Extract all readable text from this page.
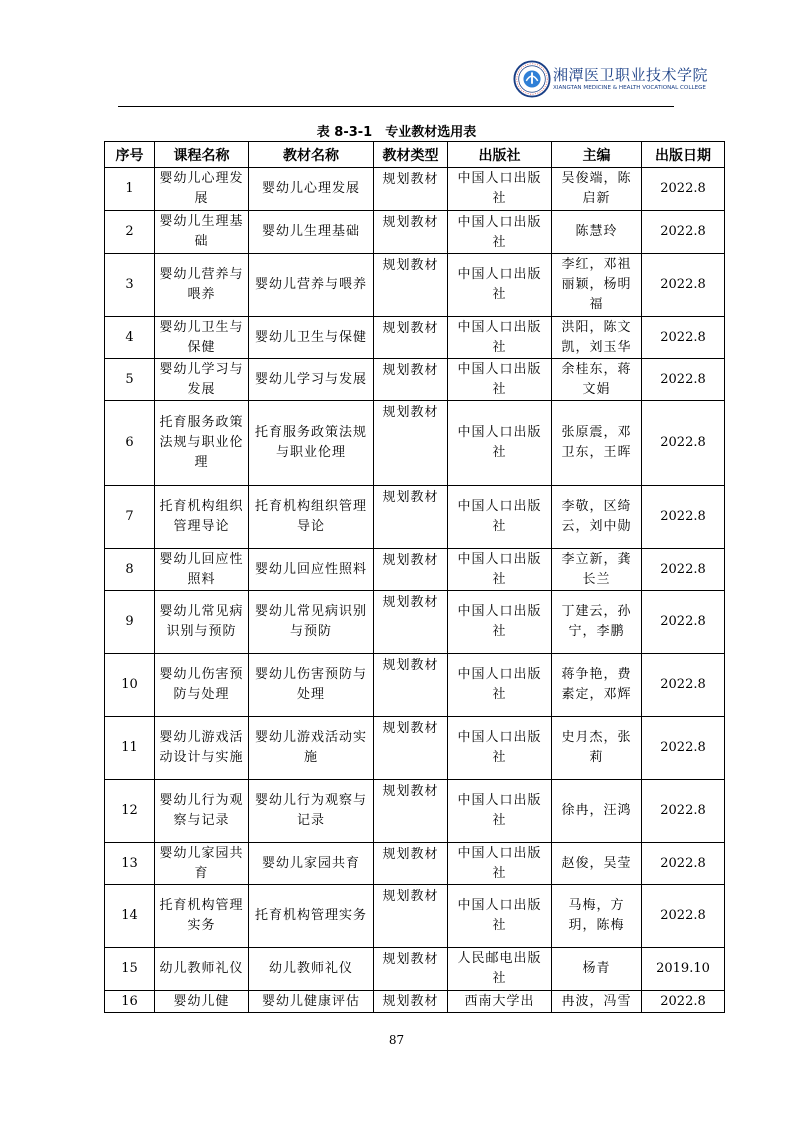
湘潭医卫职业技术学院
XIANGTAN MEDICINE & HEALTH VOCATIONAL COLLEGE
表 8-3-1　专业教材选用表
序号	课程名称	教材名称	教材类型	出版社	主编	出版日期
1	婴幼儿心理发展	婴幼儿心理发展	规划教材	中国人口出版社	吴俊端，陈启新	2022.8
2	婴幼儿生理基础	婴幼儿生理基础	规划教材	中国人口出版社	陈慧玲	2022.8
3	婴幼儿营养与喂养	婴幼儿营养与喂养	规划教材	中国人口出版社	李红，邓祖丽颖，杨明福	2022.8
4	婴幼儿卫生与保健	婴幼儿卫生与保健	规划教材	中国人口出版社	洪阳，陈文凯，刘玉华	2022.8
5	婴幼儿学习与发展	婴幼儿学习与发展	规划教材	中国人口出版社	余桂东，蒋文娟	2022.8
6	托育服务政策法规与职业伦理	托育服务政策法规与职业伦理	规划教材	中国人口出版社	张原震，邓卫东，王晖	2022.8
7	托育机构组织管理导论	托育机构组织管理导论	规划教材	中国人口出版社	李敬，区绮云，刘中勋	2022.8
8	婴幼儿回应性照料	婴幼儿回应性照料	规划教材	中国人口出版社	李立新，龚长兰	2022.8
9	婴幼儿常见病识别与预防	婴幼儿常见病识别与预防	规划教材	中国人口出版社	丁建云，孙宁，李鹏	2022.8
10	婴幼儿伤害预防与处理	婴幼儿伤害预防与处理	规划教材	中国人口出版社	蒋争艳，费素定，邓辉	2022.8
11	婴幼儿游戏活动设计与实施	婴幼儿游戏活动实施	规划教材	中国人口出版社	史月杰，张莉	2022.8
12	婴幼儿行为观察与记录	婴幼儿行为观察与记录	规划教材	中国人口出版社	徐冉，汪鸿	2022.8
13	婴幼儿家园共育	婴幼儿家园共育	规划教材	中国人口出版社	赵俊，吴莹	2022.8
14	托育机构管理实务	托育机构管理实务	规划教材	中国人口出版社	马梅，方玥，陈梅	2022.8
15	幼儿教师礼仪	幼儿教师礼仪	规划教材	人民邮电出版社	杨青	2019.10
16	婴幼儿健	婴幼儿健康评估	规划教材	西南大学出	冉波，冯雪	2022.8
87
